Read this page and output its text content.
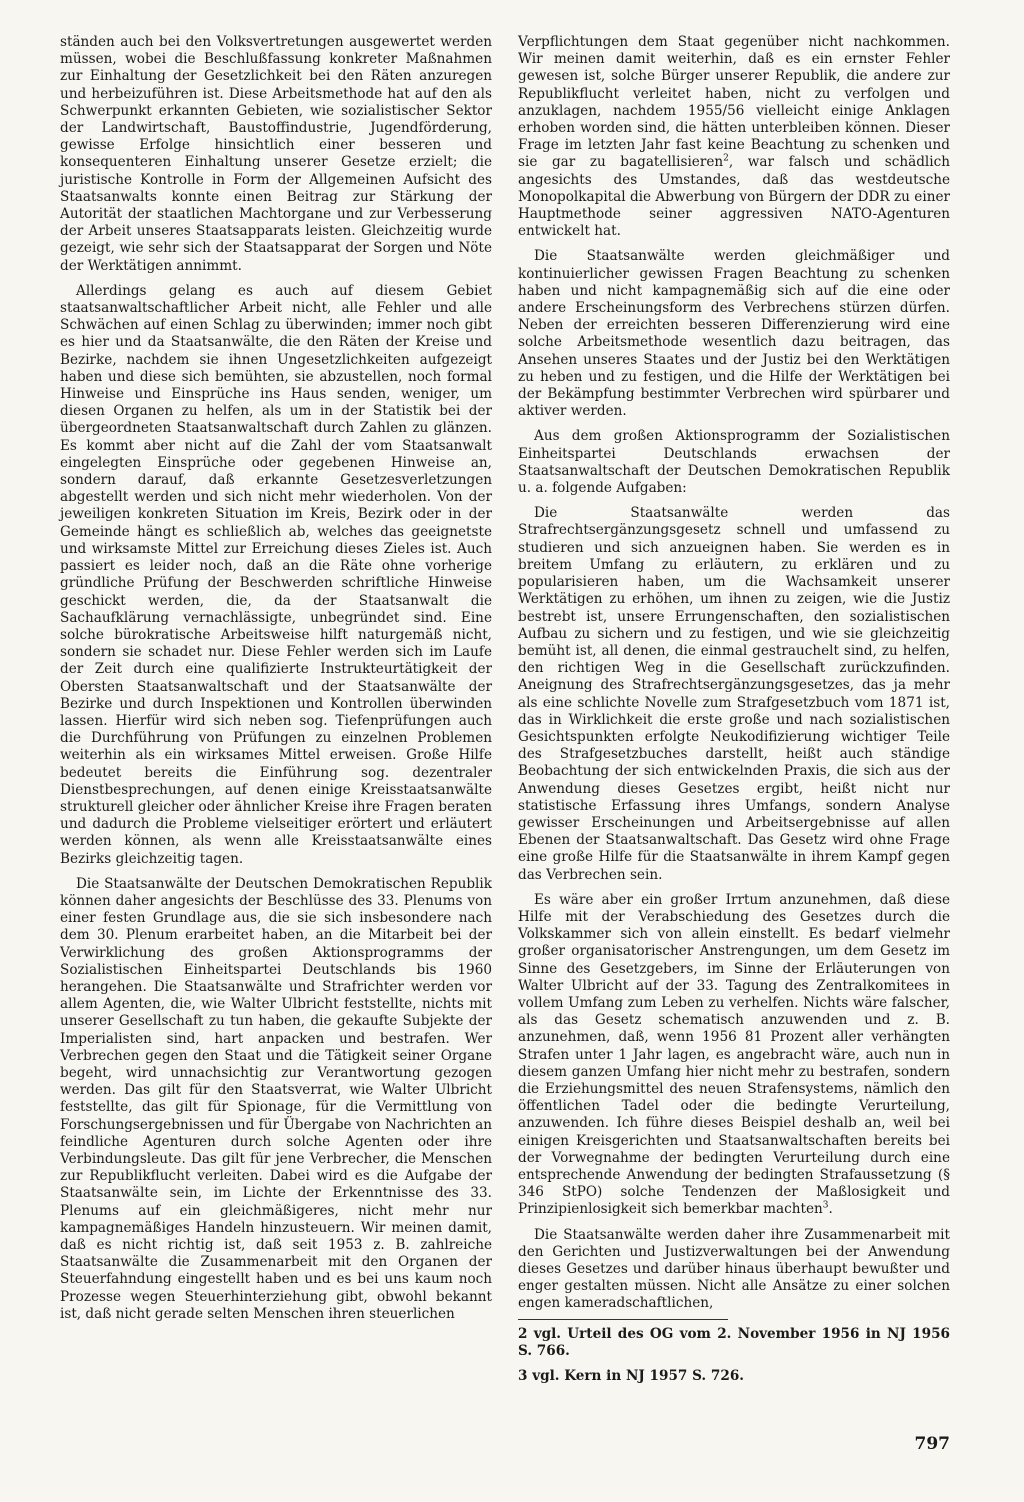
ständen auch bei den Volksvertretungen ausgewertet werden müssen, wobei die Beschlußfassung konkreter Maßnahmen zur Einhaltung der Gesetzlichkeit bei den Räten anzuregen und herbeizuführen ist. Diese Arbeitsmethode hat auf den als Schwerpunkt erkannten Gebieten, wie sozialistischer Sektor der Landwirtschaft, Baustoffindustrie, Jugendförderung, gewisse Erfolge hinsichtlich einer besseren und konsequenteren Einhaltung unserer Gesetze erzielt; die juristische Kontrolle in Form der Allgemeinen Aufsicht des Staatsanwalts konnte einen Beitrag zur Stärkung der Autorität der staatlichen Machtorgane und zur Verbesserung der Arbeit unseres Staatsapparats leisten. Gleichzeitig wurde gezeigt, wie sehr sich der Staatsapparat der Sorgen und Nöte der Werktätigen annimmt.

Allerdings gelang es auch auf diesem Gebiet staatsanwaltschaftlicher Arbeit nicht, alle Fehler und alle Schwächen auf einen Schlag zu überwinden; immer noch gibt es hier und da Staatsanwälte, die den Räten der Kreise und Bezirke, nachdem sie ihnen Ungesetzlichkeiten aufgezeigt haben und diese sich bemühten, sie abzustellen, noch formal Hinweise und Einsprüche ins Haus senden, weniger, um diesen Organen zu helfen, als um in der Statistik bei der übergeordneten Staatsanwaltschaft durch Zahlen zu glänzen. Es kommt aber nicht auf die Zahl der vom Staatsanwalt eingelegten Einsprüche oder gegebenen Hinweise an, sondern darauf, daß erkannte Gesetzesverletzungen abgestellt werden und sich nicht mehr wiederholen. Von der jeweiligen konkreten Situation im Kreis, Bezirk oder in der Gemeinde hängt es schließlich ab, welches das geeignetste und wirksamste Mittel zur Erreichung dieses Zieles ist. Auch passiert es leider noch, daß an die Räte ohne vorherige gründliche Prüfung der Beschwerden schriftliche Hinweise geschickt werden, die, da der Staatsanwalt die Sachaufklärung vernachlässigte, unbegründet sind. Eine solche bürokratische Arbeitsweise hilft naturgemäß nicht, sondern sie schadet nur. Diese Fehler werden sich im Laufe der Zeit durch eine qualifizierte Instrukteurtätigkeit der Obersten Staatsanwaltschaft und der Staatsanwälte der Bezirke und durch Inspektionen und Kontrollen überwinden lassen. Hierfür wird sich neben sog. Tiefenprüfungen auch die Durchführung von Prüfungen zu einzelnen Problemen weiterhin als ein wirksames Mittel erweisen. Große Hilfe bedeutet bereits die Einführung sog. dezentraler Dienstbesprechungen, auf denen einige Kreisstaatsanwälte strukturell gleicher oder ähnlicher Kreise ihre Fragen beraten und dadurch die Probleme vielseitiger erörtert und erläutert werden können, als wenn alle Kreisstaatsanwälte eines Bezirks gleichzeitig tagen.

Die Staatsanwälte der Deutschen Demokratischen Republik können daher angesichts der Beschlüsse des 33. Plenums von einer festen Grundlage aus, die sie sich insbesondere nach dem 30. Plenum erarbeitet haben, an die Mitarbeit bei der Verwirklichung des großen Aktionsprogramms der Sozialistischen Einheitspartei Deutschlands bis 1960 herangehen. Die Staatsanwälte und Strafrichter werden vor allem Agenten, die, wie Walter Ulbricht feststellte, nichts mit unserer Gesellschaft zu tun haben, die gekaufte Subjekte der Imperialisten sind, hart anpacken und bestrafen. Wer Verbrechen gegen den Staat und die Tätigkeit seiner Organe begeht, wird unnachsichtig zur Verantwortung gezogen werden. Das gilt für den Staatsverrat, wie Walter Ulbricht feststellte, das gilt für Spionage, für die Vermittlung von Forschungsergebnissen und für Übergabe von Nachrichten an feindliche Agenturen durch solche Agenten oder ihre Verbindungsleute. Das gilt für jene Verbrecher, die Menschen zur Republikflucht verleiten. Dabei wird es die Aufgabe der Staatsanwälte sein, im Lichte der Erkenntnisse des 33. Plenums auf ein gleichmäßigeres, nicht mehr nur kampagnemäßiges Handeln hinzusteuern. Wir meinen damit, daß es nicht richtig ist, daß seit 1953 z. B. zahlreiche Staatsanwälte die Zusammenarbeit mit den Organen der Steuerfahndung eingestellt haben und es bei uns kaum noch Prozesse wegen Steuerhinterziehung gibt, obwohl bekannt ist, daß nicht gerade selten Menschen ihren steuerlichen

Verpflichtungen dem Staat gegenüber nicht nachkommen. Wir meinen damit weiterhin, daß es ein ernster Fehler gewesen ist, solche Bürger unserer Republik, die andere zur Republikflucht verleitet haben, nicht zu verfolgen und anzuklagen, nachdem 1955/56 vielleicht einige Anklagen erhoben worden sind, die hätten unterbleiben können. Dieser Frage im letzten Jahr fast keine Beachtung zu schenken und sie gar zu bagatellisieren$^2$, war falsch und schädlich angesichts des Umstandes, daß das westdeutsche Monopolkapital die Abwerbung von Bürgern der DDR zu einer Hauptmethode seiner aggressiven NATO-Agenturen entwickelt hat.

Die Staatsanwälte werden gleichmäßiger und kontinuierlicher gewissen Fragen Beachtung zu schenken haben und nicht kampagnemäßig sich auf die eine oder andere Erscheinungsform des Verbrechens stürzen dürfen. Neben der erreichten besseren Differenzierung wird eine solche Arbeitsmethode wesentlich dazu beitragen, das Ansehen unseres Staates und der Justiz bei den Werktätigen zu heben und zu festigen, und die Hilfe der Werktätigen bei der Bekämpfung bestimmter Verbrechen wird spürbarer und aktiver werden.

Aus dem großen Aktionsprogramm der Sozialistischen Einheitspartei Deutschlands erwachsen der Staatsanwaltschaft der Deutschen Demokratischen Republik u. a. folgende Aufgaben:

Die Staatsanwälte werden das Strafrechtsergänzungsgesetz schnell und umfassend zu studieren und sich anzueignen haben. Sie werden es in breitem Umfang zu erläutern, zu erklären und zu popularisieren haben, um die Wachsamkeit unserer Werktätigen zu erhöhen, um ihnen zu zeigen, wie die Justiz bestrebt ist, unsere Errungenschaften, den sozialistischen Aufbau zu sichern und zu festigen, und wie sie gleichzeitig bemüht ist, all denen, die einmal gestrauchelt sind, zu helfen, den richtigen Weg in die Gesellschaft zurückzufinden. Aneignung des Strafrechtsergänzungsgesetzes, das ja mehr als eine schlichte Novelle zum Strafgesetzbuch vom 1871 ist, das in Wirklichkeit die erste große und nach sozialistischen Gesichtspunkten erfolgte Neukodifizierung wichtiger Teile des Strafgesetzbuches darstellt, heißt auch ständige Beobachtung der sich entwickelnden Praxis, die sich aus der Anwendung dieses Gesetzes ergibt, heißt nicht nur statistische Erfassung ihres Umfangs, sondern Analyse gewisser Erscheinungen und Arbeitsergebnisse auf allen Ebenen der Staatsanwaltschaft. Das Gesetz wird ohne Frage eine große Hilfe für die Staatsanwälte in ihrem Kampf gegen das Verbrechen sein.

Es wäre aber ein großer Irrtum anzunehmen, daß diese Hilfe mit der Verabschiedung des Gesetzes durch die Volkskammer sich von allein einstellt. Es bedarf vielmehr großer organisatorischer Anstrengungen, um dem Gesetz im Sinne des Gesetzgebers, im Sinne der Erläuterungen von Walter Ulbricht auf der 33. Tagung des Zentralkomitees in vollem Umfang zum Leben zu verhelfen. Nichts wäre falscher, als das Gesetz schematisch anzuwenden und z. B. anzunehmen, daß, wenn 1956 81 Prozent aller verhängten Strafen unter 1 Jahr lagen, es angebracht wäre, auch nun in diesem ganzen Umfang hier nicht mehr zu bestrafen, sondern die Erziehungsmittel des neuen Strafensystems, nämlich den öffentlichen Tadel oder die bedingte Verurteilung, anzuwenden. Ich führe dieses Beispiel deshalb an, weil bei einigen Kreisgerichten und Staatsanwaltschaften bereits bei der Vorwegnahme der bedingten Verurteilung durch eine entsprechende Anwendung der bedingten Strafaussetzung (§ 346 StPO) solche Tendenzen der Maßlosigkeit und Prinzipienlosigkeit sich bemerkbar machten$^3$.

Die Staatsanwälte werden daher ihre Zusammenarbeit mit den Gerichten und Justizverwaltungen bei der Anwendung dieses Gesetzes und darüber hinaus überhaupt bewußter und enger gestalten müssen. Nicht alle Ansätze zu einer solchen engen kameradschaftlichen,

2 vgl. Urteil des OG vom 2. November 1956 in NJ 1956 S. 766.

3 vgl. Kern in NJ 1957 S. 726.

797
